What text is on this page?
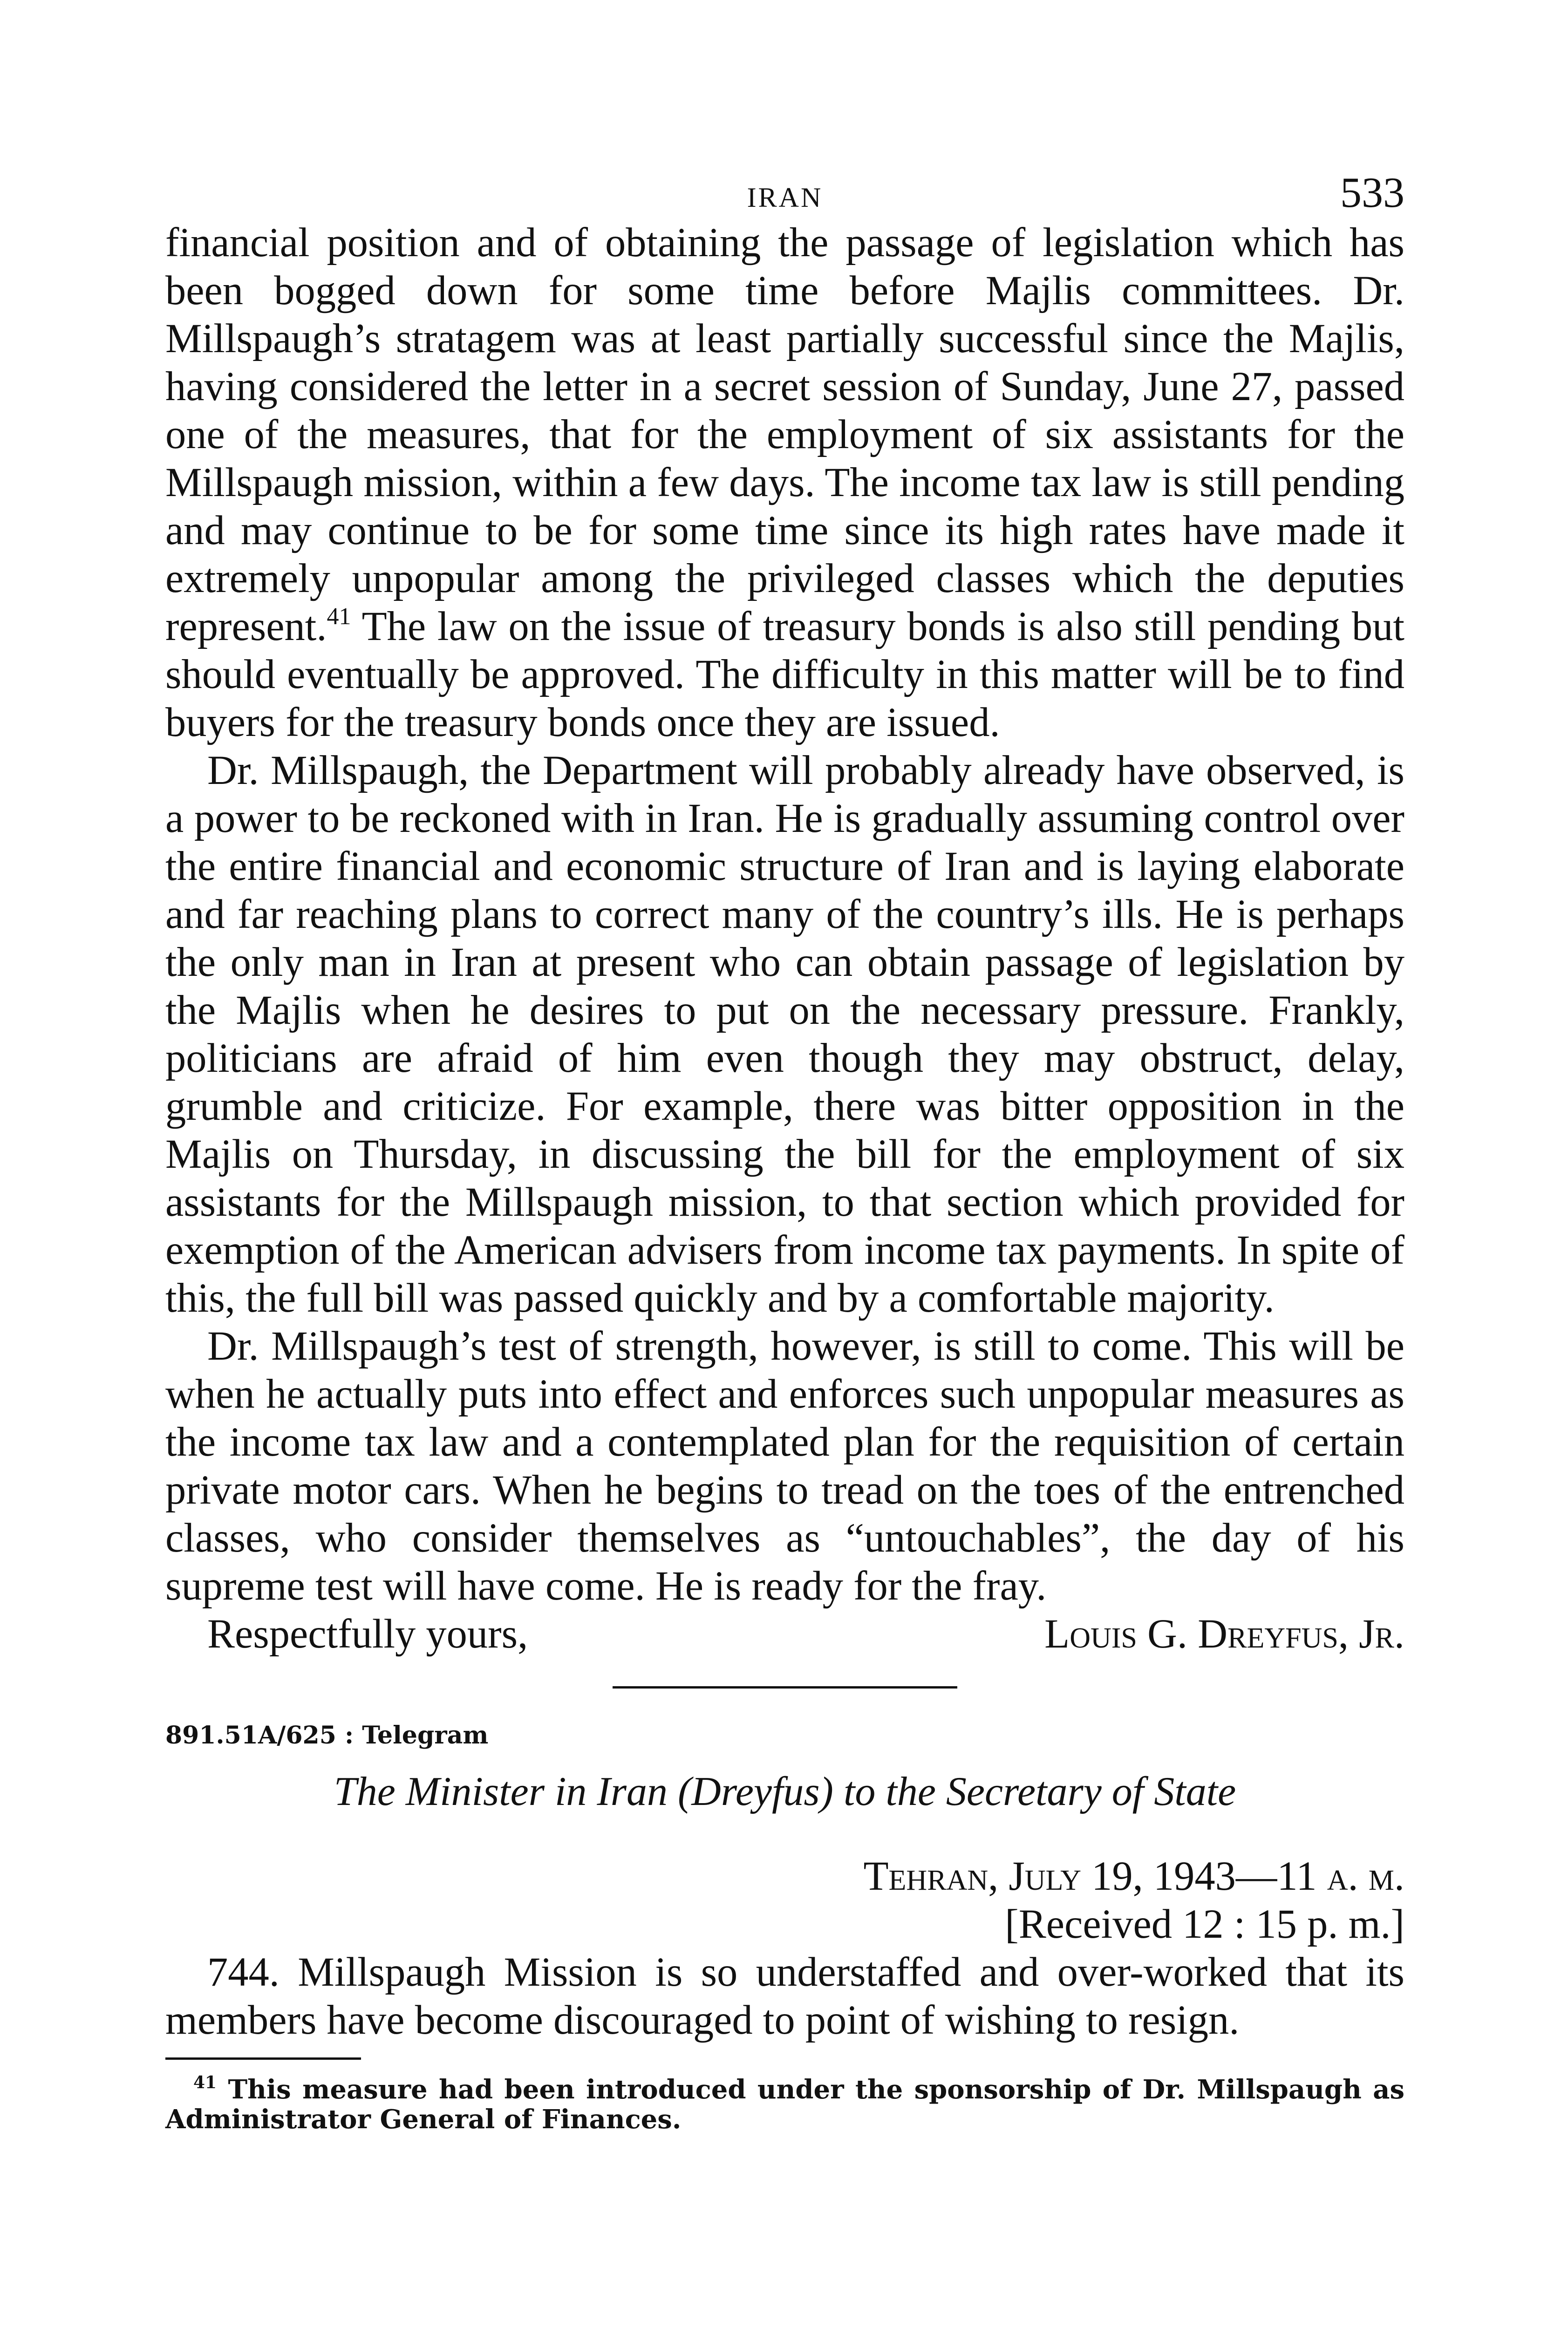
IRAN	533

financial position and of obtaining the passage of legislation which has been bogged down for some time before Majlis committees. Dr. Millspaugh’s stratagem was at least partially successful since the Majlis, having considered the letter in a secret session of Sunday, June 27, passed one of the measures, that for the employment of six assistants for the Millspaugh mission, within a few days. The income tax law is still pending and may continue to be for some time since its high rates have made it extremely unpopular among the privileged classes which the deputies represent.$^{41}$ The law on the issue of treasury bonds is also still pending but should eventually be approved. The difficulty in this matter will be to find buyers for the treasury bonds once they are issued.

Dr. Millspaugh, the Department will probably already have observed, is a power to be reckoned with in Iran. He is gradually assuming control over the entire financial and economic structure of Iran and is laying elaborate and far reaching plans to correct many of the country’s ills. He is perhaps the only man in Iran at present who can obtain passage of legislation by the Majlis when he desires to put on the necessary pressure. Frankly, politicians are afraid of him even though they may obstruct, delay, grumble and criticize. For example, there was bitter opposition in the Majlis on Thursday, in discussing the bill for the employment of six assistants for the Millspaugh mission, to that section which provided for exemption of the American advisers from income tax payments. In spite of this, the full bill was passed quickly and by a comfortable majority.

Dr. Millspaugh’s test of strength, however, is still to come. This will be when he actually puts into effect and enforces such unpopular measures as the income tax law and a contemplated plan for the requisition of certain private motor cars. When he begins to tread on the toes of the entrenched classes, who consider themselves as “untouchables”, the day of his supreme test will have come. He is ready for the fray.

Respectfully yours,	Louis G. Dreyfus, Jr.
891.51A/625 : Telegram
The Minister in Iran (Dreyfus) to the Secretary of State
Tehran, July 19, 1943—11 a. m.
[Received 12 : 15 p. m.]

744. Millspaugh Mission is so understaffed and over-worked that its members have become discouraged to point of wishing to resign.

$^{41}$ This measure had been introduced under the sponsorship of Dr. Millspaugh as Administrator General of Finances.
